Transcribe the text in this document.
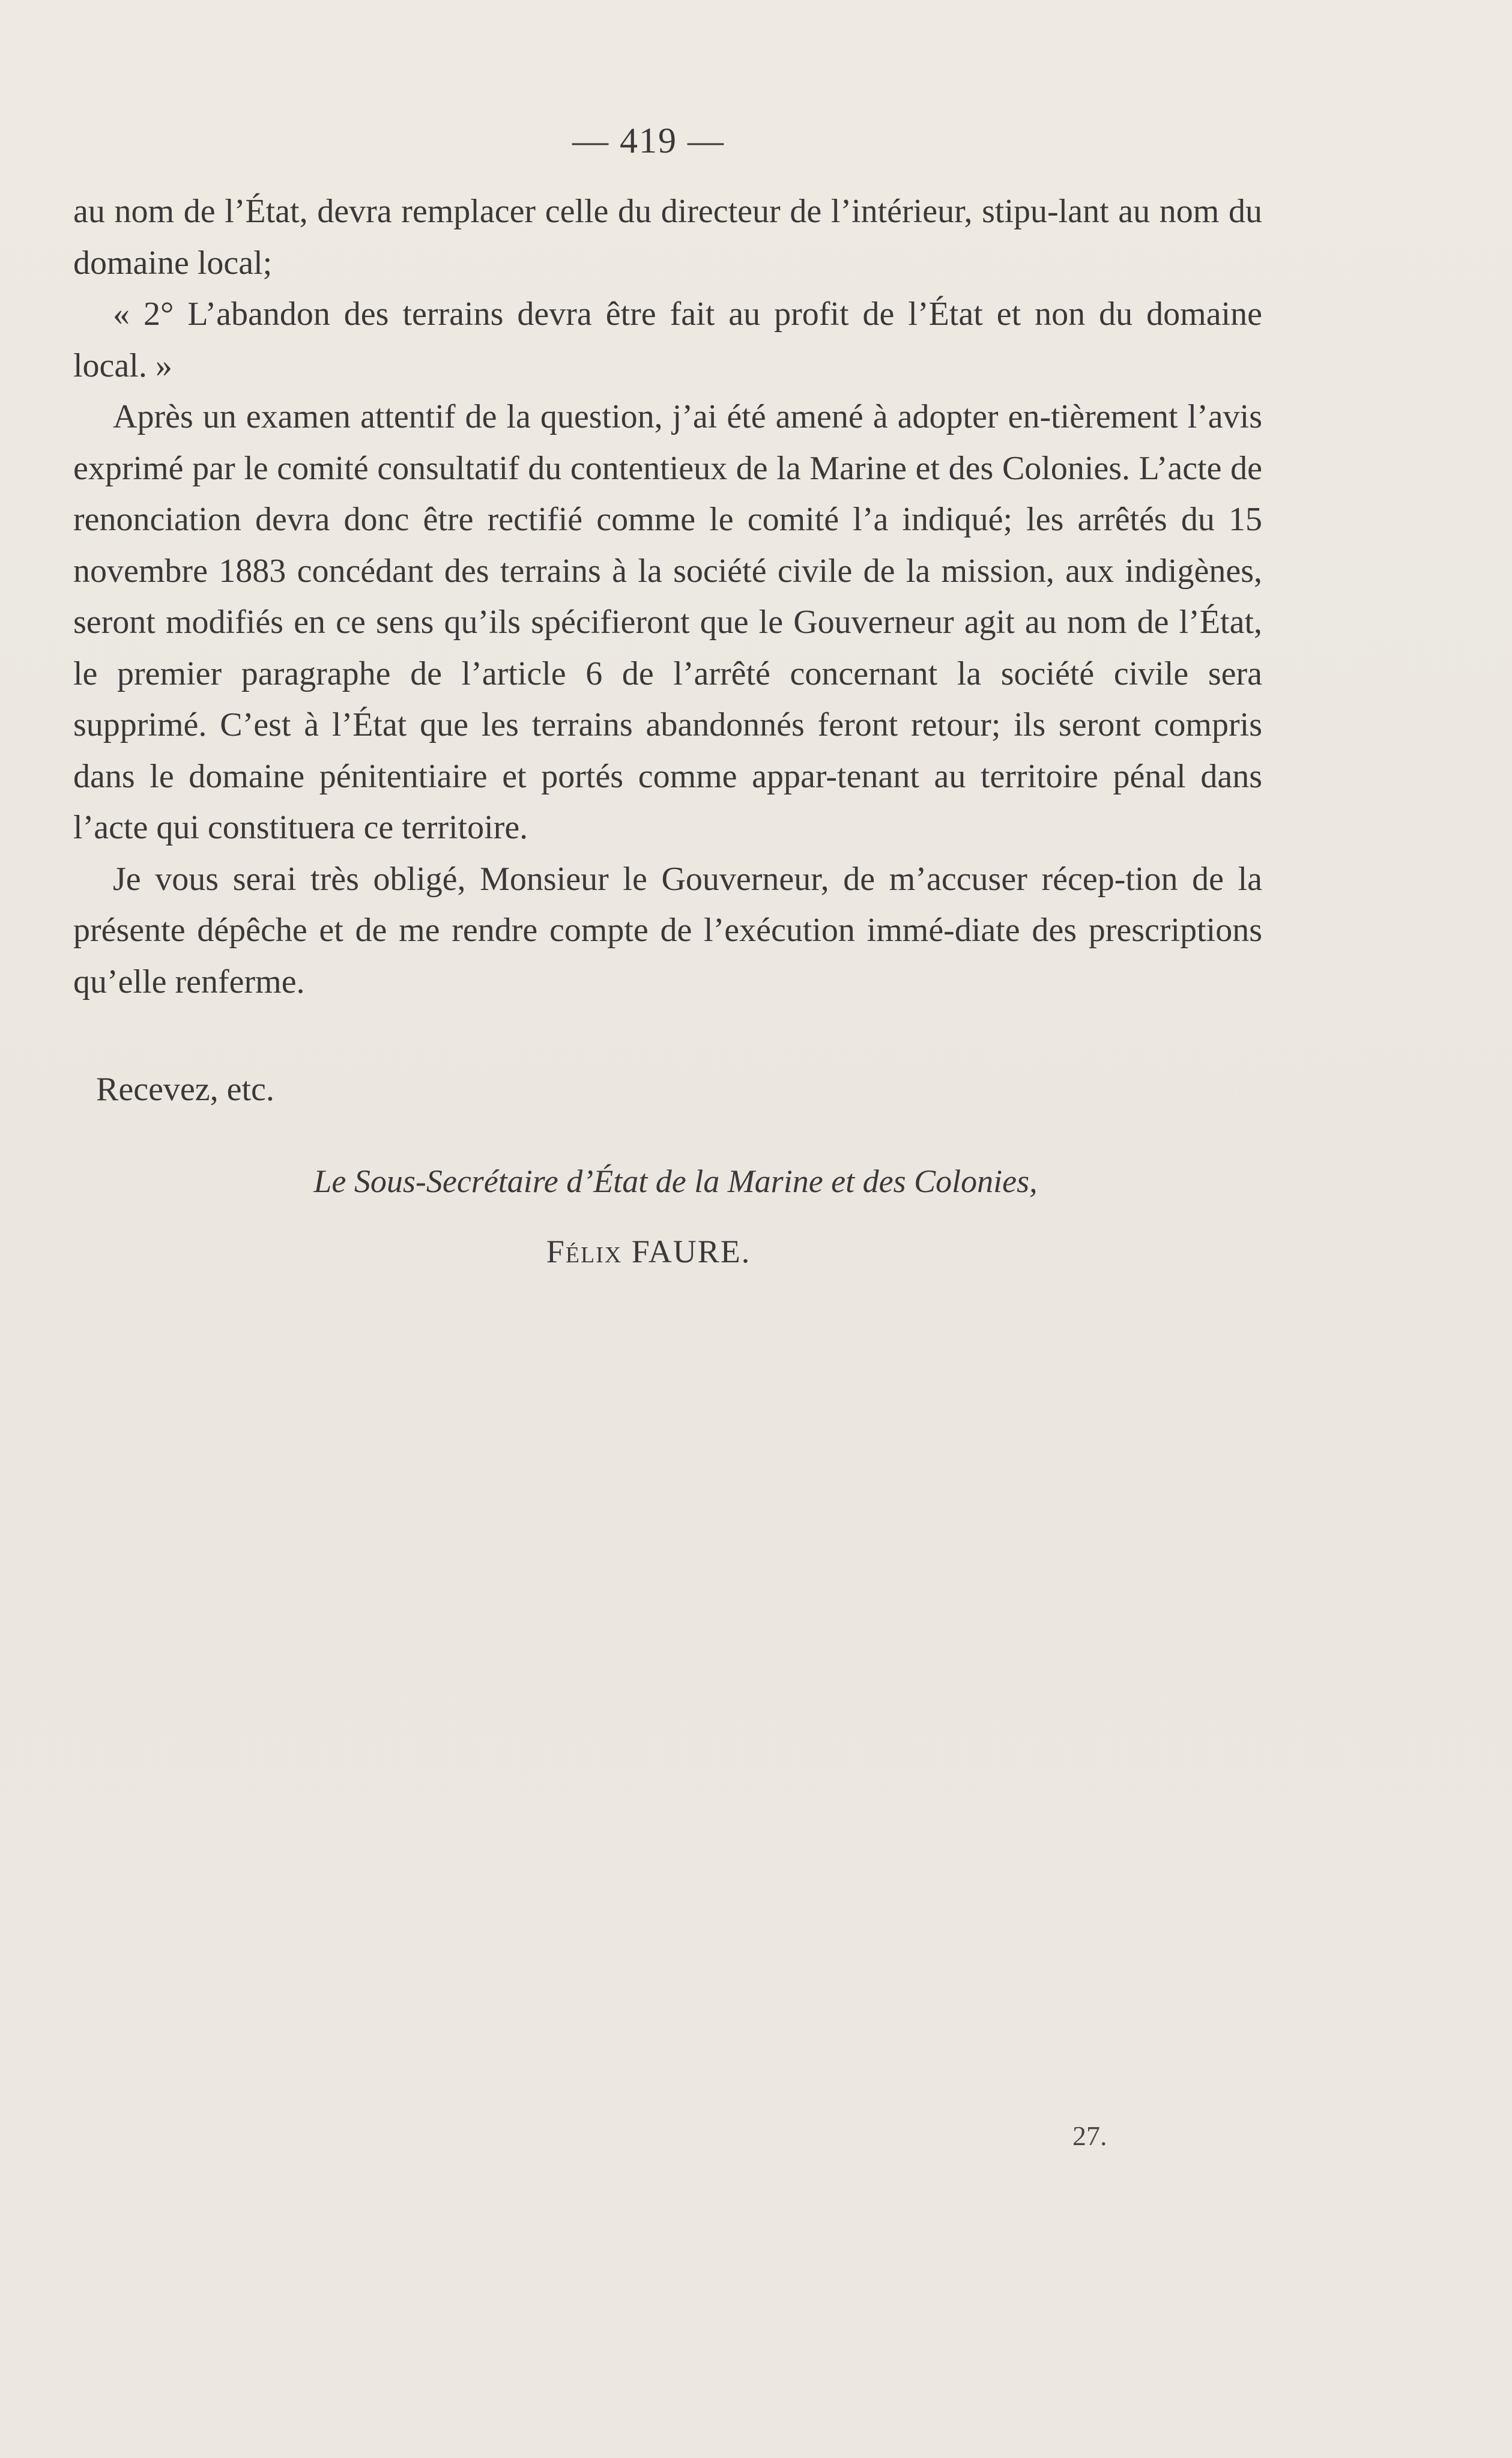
— 419 —

au nom de l’État, devra remplacer celle du directeur de l’intérieur, stipu-lant au nom du domaine local;

« 2° L’abandon des terrains devra être fait au profit de l’État et non du domaine local. »

Après un examen attentif de la question, j’ai été amené à adopter en-tièrement l’avis exprimé par le comité consultatif du contentieux de la Marine et des Colonies. L’acte de renonciation devra donc être rectifié comme le comité l’a indiqué; les arrêtés du 15 novembre 1883 concédant des terrains à la société civile de la mission, aux indigènes, seront modifiés en ce sens qu’ils spécifieront que le Gouverneur agit au nom de l’État, le premier paragraphe de l’article 6 de l’arrêté concernant la société civile sera supprimé. C’est à l’État que les terrains abandonnés feront retour; ils seront compris dans le domaine pénitentiaire et portés comme appar-tenant au territoire pénal dans l’acte qui constituera ce territoire.

Je vous serai très obligé, Monsieur le Gouverneur, de m’accuser récep-tion de la présente dépêche et de me rendre compte de l’exécution immé-diate des prescriptions qu’elle renferme.

Recevez, etc.
Le Sous-Secrétaire d’État de la Marine et des Colonies,
Félix FAURE.
27.
